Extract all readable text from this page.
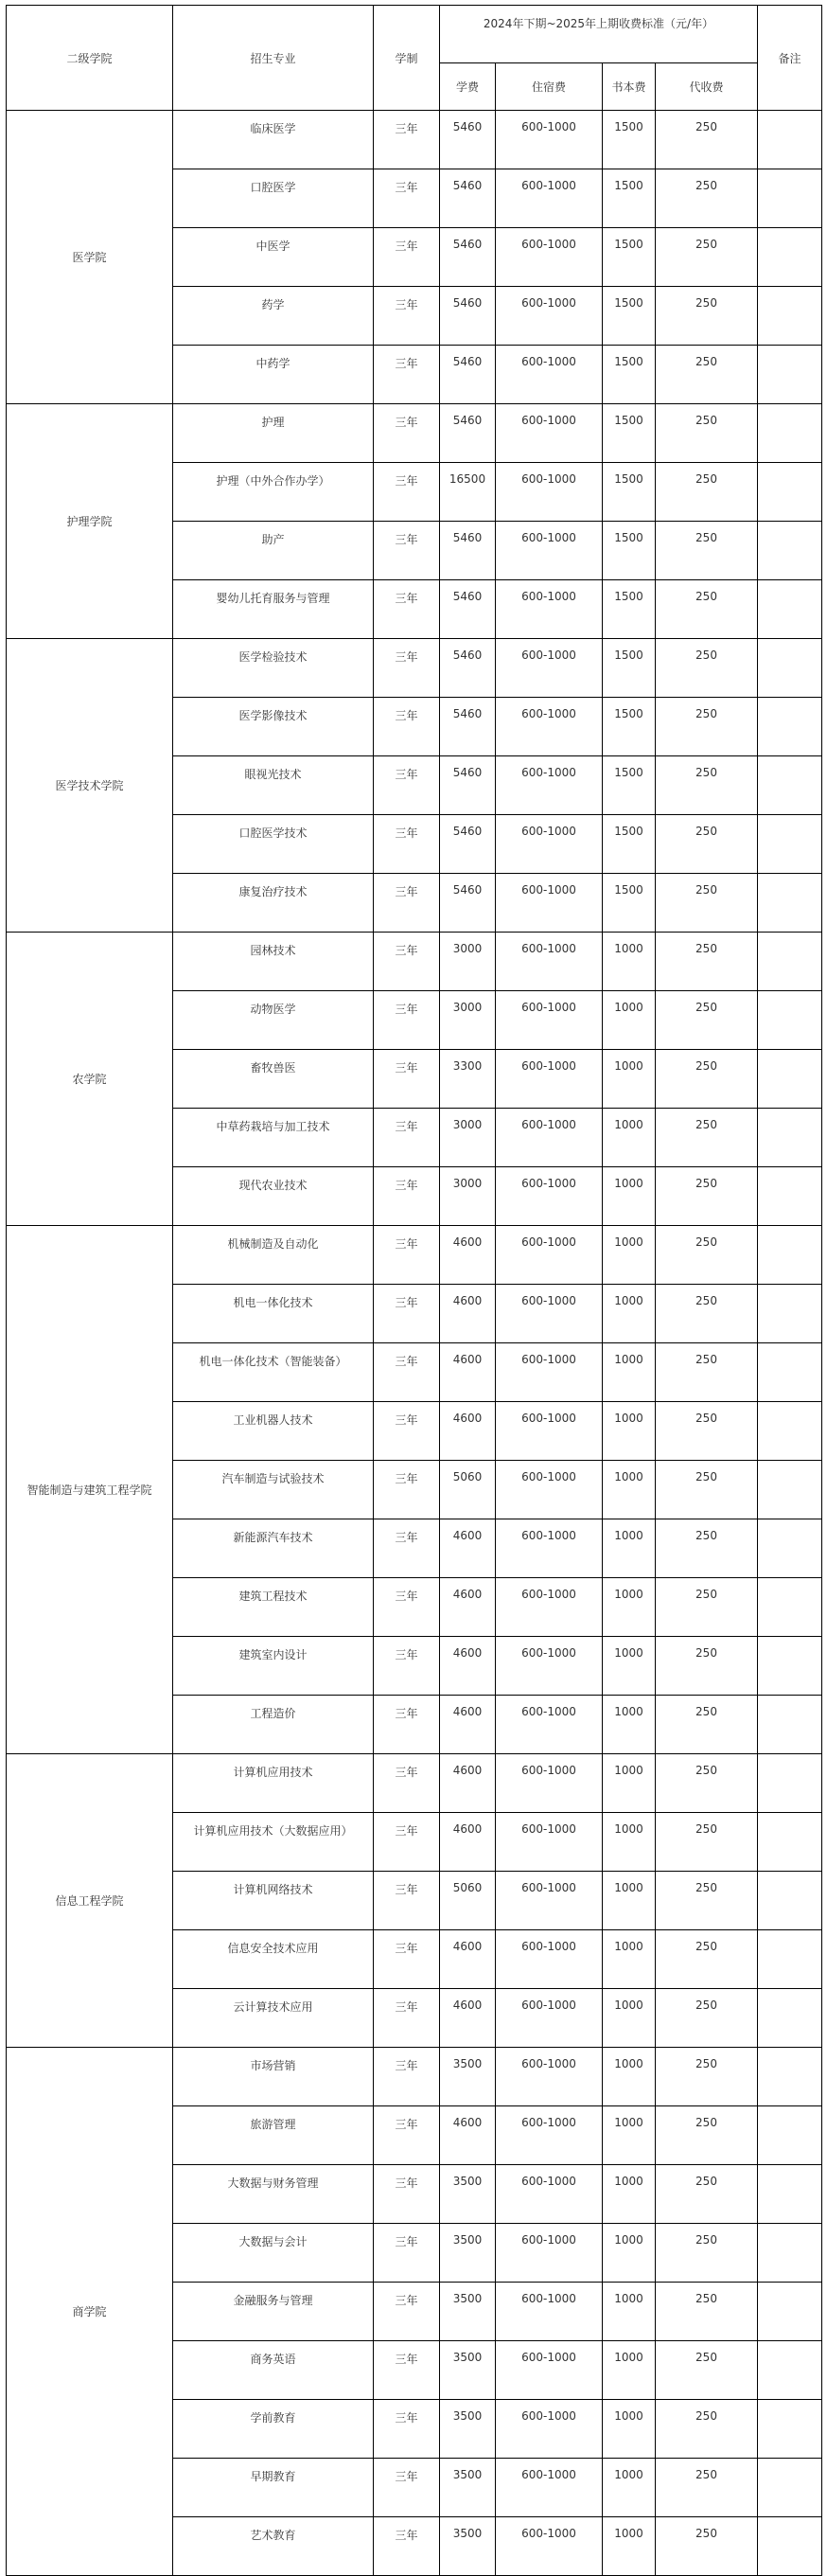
二级学院	招生专业	学制	2024年下期~2025年上期收费标准（元/年）				备注
			学费	住宿费	书本费	代收费	
医学院	临床医学	三年	5460	600-1000	1500	250	
	口腔医学	三年	5460	600-1000	1500	250	
	中医学	三年	5460	600-1000	1500	250	
	药学	三年	5460	600-1000	1500	250	
	中药学	三年	5460	600-1000	1500	250	
护理学院	护理	三年	5460	600-1000	1500	250	
	护理（中外合作办学）	三年	16500	600-1000	1500	250	
	助产	三年	5460	600-1000	1500	250	
	婴幼儿托育服务与管理	三年	5460	600-1000	1500	250	
医学技术学院	医学检验技术	三年	5460	600-1000	1500	250	
	医学影像技术	三年	5460	600-1000	1500	250	
	眼视光技术	三年	5460	600-1000	1500	250	
	口腔医学技术	三年	5460	600-1000	1500	250	
	康复治疗技术	三年	5460	600-1000	1500	250	
农学院	园林技术	三年	3000	600-1000	1000	250	
	动物医学	三年	3000	600-1000	1000	250	
	畜牧兽医	三年	3300	600-1000	1000	250	
	中草药栽培与加工技术	三年	3000	600-1000	1000	250	
	现代农业技术	三年	3000	600-1000	1000	250	
智能制造与建筑工程学院	机械制造及自动化	三年	4600	600-1000	1000	250	
	机电一体化技术	三年	4600	600-1000	1000	250	
	机电一体化技术（智能装备）	三年	4600	600-1000	1000	250	
	工业机器人技术	三年	4600	600-1000	1000	250	
	汽车制造与试验技术	三年	5060	600-1000	1000	250	
	新能源汽车技术	三年	4600	600-1000	1000	250	
	建筑工程技术	三年	4600	600-1000	1000	250	
	建筑室内设计	三年	4600	600-1000	1000	250	
	工程造价	三年	4600	600-1000	1000	250	
信息工程学院	计算机应用技术	三年	4600	600-1000	1000	250	
	计算机应用技术（大数据应用）	三年	4600	600-1000	1000	250	
	计算机网络技术	三年	5060	600-1000	1000	250	
	信息安全技术应用	三年	4600	600-1000	1000	250	
	云计算技术应用	三年	4600	600-1000	1000	250	
商学院	市场营销	三年	3500	600-1000	1000	250	
	旅游管理	三年	4600	600-1000	1000	250	
	大数据与财务管理	三年	3500	600-1000	1000	250	
	大数据与会计	三年	3500	600-1000	1000	250	
	金融服务与管理	三年	3500	600-1000	1000	250	
	商务英语	三年	3500	600-1000	1000	250	
	学前教育	三年	3500	600-1000	1000	250	
	早期教育	三年	3500	600-1000	1000	250	
	艺术教育	三年	3500	600-1000	1000	250	
